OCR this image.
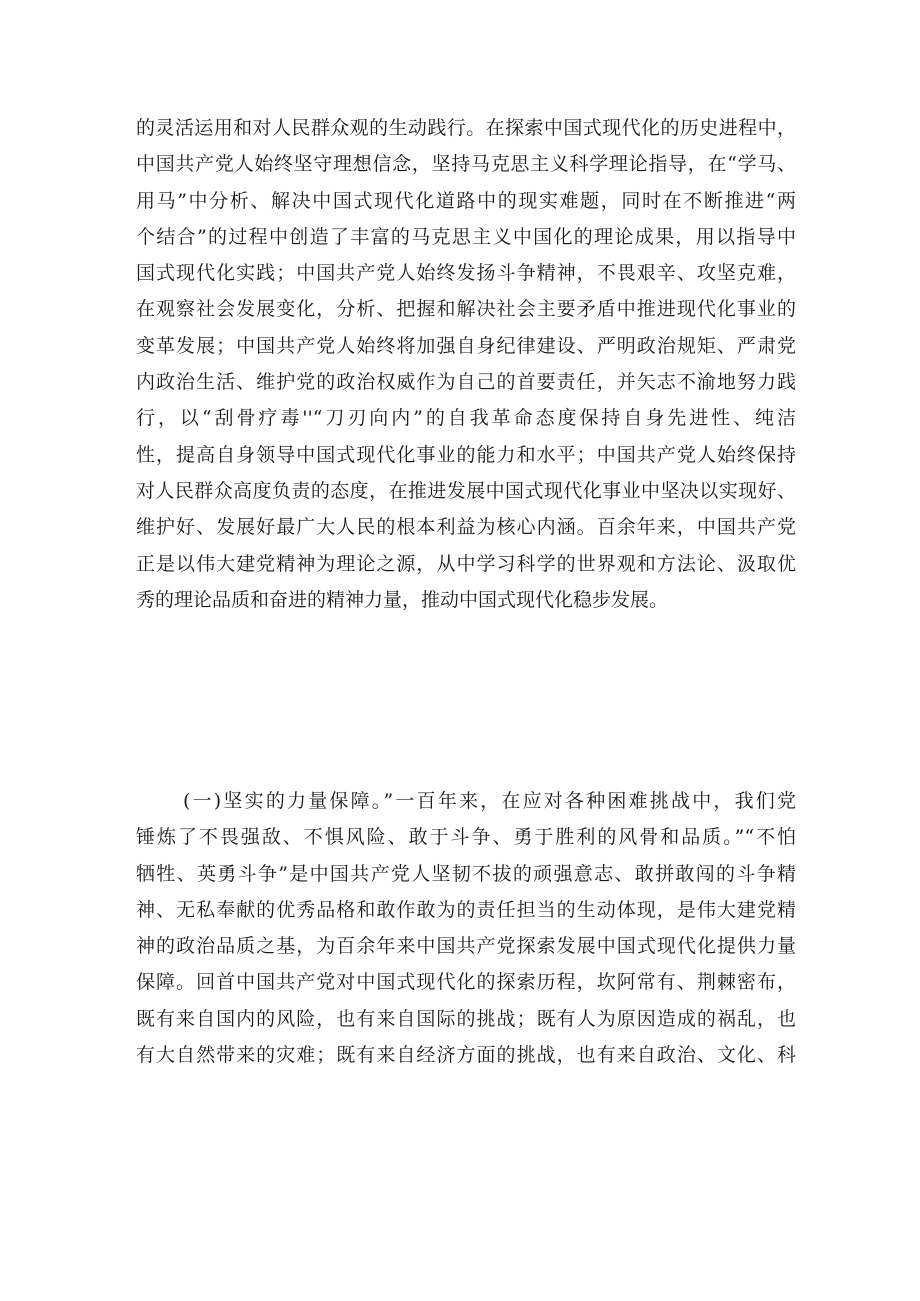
的灵活运用和对人民群众观的生动践行。在探索中国式现代化的历史进程中，
中国共产党人始终坚守理想信念，坚持马克思主义科学理论指导，在“学马、
用马”中分析、解决中国式现代化道路中的现实难题，同时在不断推进“两
个结合”的过程中创造了丰富的马克思主义中国化的理论成果，用以指导中
国式现代化实践；中国共产党人始终发扬斗争精神，不畏艰辛、攻坚克难，
在观察社会发展变化，分析、把握和解决社会主要矛盾中推进现代化事业的
变革发展；中国共产党人始终将加强自身纪律建设、严明政治规矩、严肃党
内政治生活、维护党的政治权威作为自己的首要责任，并矢志不渝地努力践
行，以“刮骨疗毒''“刀刃向内”的自我革命态度保持自身先进性、纯洁
性，提高自身领导中国式现代化事业的能力和水平；中国共产党人始终保持
对人民群众高度负责的态度，在推进发展中国式现代化事业中坚决以实现好、
维护好、发展好最广大人民的根本利益为核心内涵。百余年来，中国共产党
正是以伟大建党精神为理论之源，从中学习科学的世界观和方法论、汲取优
秀的理论品质和奋进的精神力量，推动中国式现代化稳步发展。
(一)坚实的力量保障。”一百年来，在应对各种困难挑战中，我们党
锤炼了不畏强敌、不惧风险、敢于斗争、勇于胜利的风骨和品质。”“不怕
牺牲、英勇斗争”是中国共产党人坚韧不拔的顽强意志、敢拼敢闯的斗争精
神、无私奉献的优秀品格和敢作敢为的责任担当的生动体现，是伟大建党精
神的政治品质之基，为百余年来中国共产党探索发展中国式现代化提供力量
保障。回首中国共产党对中国式现代化的探索历程，坎阿常有、荆棘密布，
既有来自国内的风险，也有来自国际的挑战；既有人为原因造成的祸乱，也
有大自然带来的灾难；既有来自经济方面的挑战，也有来自政治、文化、科
